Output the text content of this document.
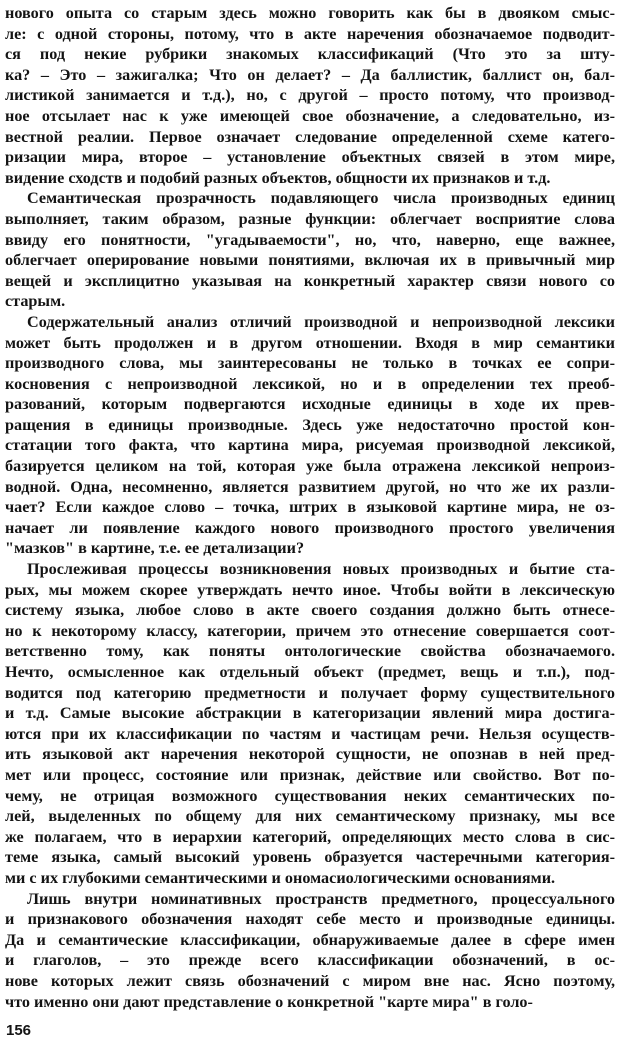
нового опыта со старым здесь можно говорить как бы в двояком смыс-
ле: с одной стороны, потому, что в акте наречения обозначаемое подводит-
ся под некие рубрики знакомых классификаций (Что это за шту-
ка? – Это – зажигалка; Что он делает? – Да баллистик, баллист он, бал-
листикой занимается и т.д.), но, с другой – просто потому, что производ-
ное отсылает нас к уже имеющей свое обозначение, а следовательно, из-
вестной реалии. Первое означает следование определенной схеме катего-
ризации мира, второе – установление объектных связей в этом мире,
видение сходств и подобий разных объектов, общности их признаков и т.д.

Семантическая прозрачность подавляющего числа производных единиц
выполняет, таким образом, разные функции: облегчает восприятие слова
ввиду его понятности, "угадываемости", но, что, наверно, еще важнее,
облегчает оперирование новыми понятиями, включая их в привычный мир
вещей и эксплицитно указывая на конкретный характер связи нового со
старым.

Содержательный анализ отличий производной и непроизводной лексики
может быть продолжен и в другом отношении. Входя в мир семантики
производного слова, мы заинтересованы не только в точках ее сопри-
косновения с непроизводной лексикой, но и в определении тех преоб-
разований, которым подвергаются исходные единицы в ходе их прев-
ращения в единицы производные. Здесь уже недостаточно простой кон-
статации того факта, что картина мира, рисуемая производной лексикой,
базируется целиком на той, которая уже была отражена лексикой непроиз-
водной. Одна, несомненно, является развитием другой, но что же их разли-
чает? Если каждое слово – точка, штрих в языковой картине мира, не оз-
начает ли появление каждого нового производного простого увеличения
"мазков" в картине, т.е. ее детализации?

Прослеживая процессы возникновения новых производных и бытие ста-
рых, мы можем скорее утверждать нечто иное. Чтобы войти в лексическую
систему языка, любое слово в акте своего создания должно быть отнесе-
но к некоторому классу, категории, причем это отнесение совершается соот-
ветственно тому, как поняты онтологические свойства обозначаемого.
Нечто, осмысленное как отдельный объект (предмет, вещь и т.п.), под-
водится под категорию предметности и получает форму существительного
и т.д. Самые высокие абстракции в категоризации явлений мира достига-
ются при их классификации по частям и частицам речи. Нельзя осуществ-
ить языковой акт наречения некоторой сущности, не опознав в ней пред-
мет или процесс, состояние или признак, действие или свойство. Вот по-
чему, не отрицая возможного существования неких семантических по-
лей, выделенных по общему для них семантическому признаку, мы все
же полагаем, что в иерархии категорий, определяющих место слова в сис-
теме языка, самый высокий уровень образуется частеречными категория-
ми с их глубокими семантическими и ономасиологическими основаниями.

Лишь внутри номинативных пространств предметного, процессуального
и признакового обозначения находят себе место и производные единицы.
Да и семантические классификации, обнаруживаемые далее в сфере имен
и глаголов, – это прежде всего классификации обозначений, в ос-
нове которых лежит связь обозначений с миром вне нас. Ясно поэтому,
что именно они дают представление о конкретной "карте мира" в голо-

156
